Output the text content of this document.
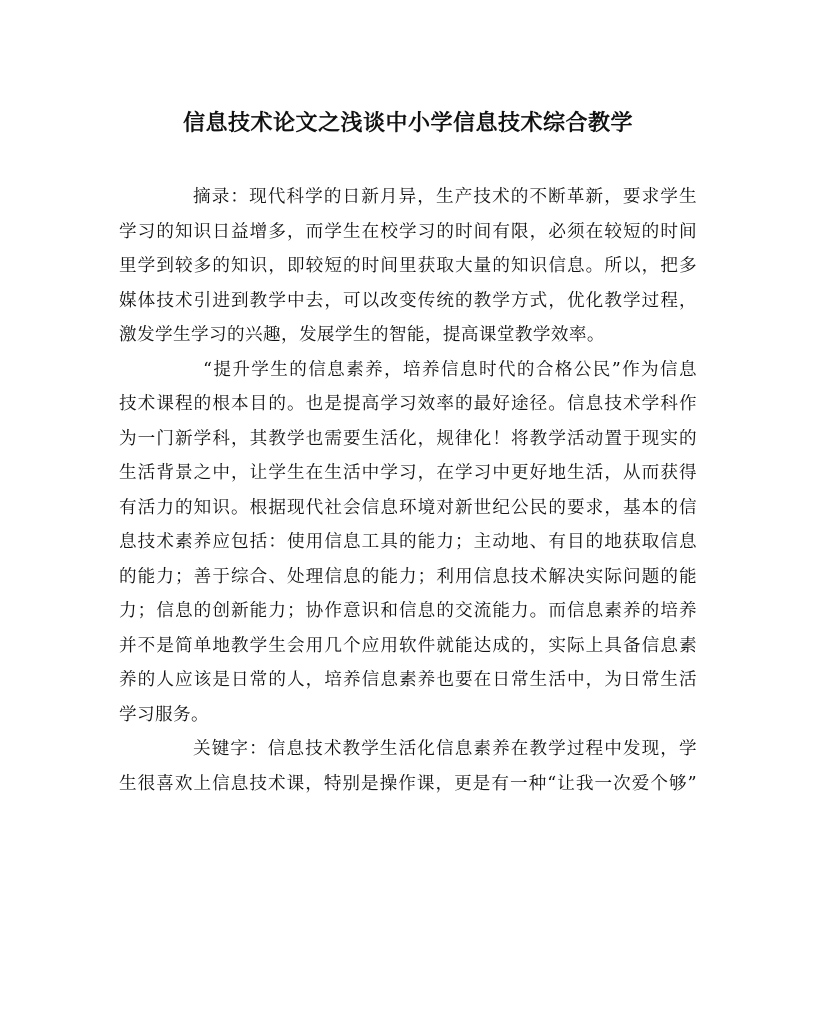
信息技术论文之浅谈中小学信息技术综合教学
摘录：现代科学的日新月异，生产技术的不断革新，要求学生
学习的知识日益增多，而学生在校学习的时间有限，必须在较短的时间
里学到较多的知识，即较短的时间里获取大量的知识信息。所以，把多
媒体技术引进到教学中去，可以改变传统的教学方式，优化教学过程，
激发学生学习的兴趣，发展学生的智能，提高课堂教学效率。
“提升学生的信息素养，培养信息时代的合格公民”作为信息
技术课程的根本目的。也是提高学习效率的最好途径。信息技术学科作
为一门新学科，其教学也需要生活化，规律化！将教学活动置于现实的
生活背景之中，让学生在生活中学习，在学习中更好地生活，从而获得
有活力的知识。根据现代社会信息环境对新世纪公民的要求，基本的信
息技术素养应包括：使用信息工具的能力；主动地、有目的地获取信息
的能力；善于综合、处理信息的能力；利用信息技术解决实际问题的能
力；信息的创新能力；协作意识和信息的交流能力。而信息素养的培养
并不是简单地教学生会用几个应用软件就能达成的，实际上具备信息素
养的人应该是日常的人，培养信息素养也要在日常生活中，为日常生活
学习服务。
关键字：信息技术教学生活化信息素养在教学过程中发现，学
生很喜欢上信息技术课，特别是操作课，更是有一种“让我一次爱个够”
